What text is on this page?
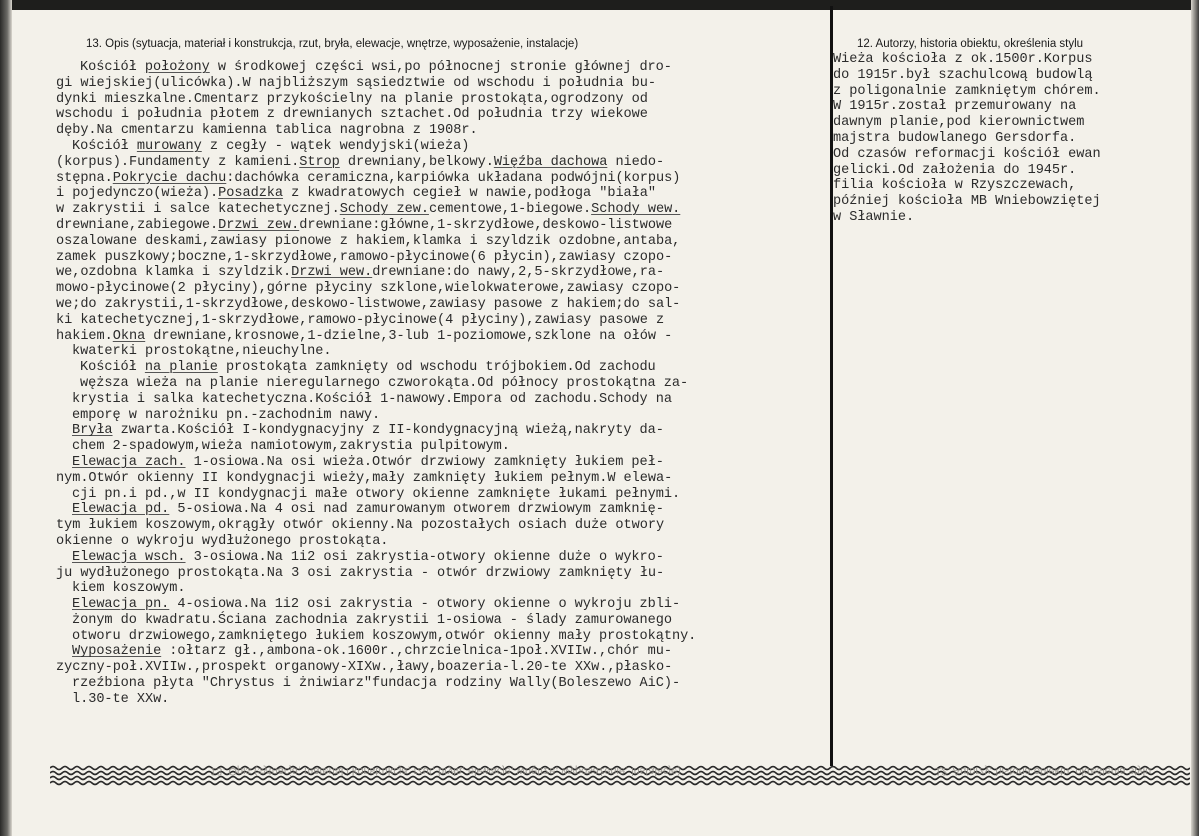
13. Opis (sytuacja, materiał i konstrukcja, rzut, bryła, elewacje, wnętrze, wyposażenie, instalacje)	12. Autorzy, historia obiektu, określenia stylu
Kościół położony w środkowej części wsi,po północnej stronie głównej dro-
gi wiejskiej(ulicówka).W najbliższym sąsiedztwie od wschodu i południa bu-
dynki mieszkalne.Cmentarz przykościelny na planie prostokąta,ogrodzony od
wschodu i południa płotem z drewnianych sztachet.Od południa trzy wiekowe
dęby.Na cmentarzu kamienna tablica nagrobna z 1908r.
Kościół murowany z cegły - wątek wendyjski(wieża)
(korpus).Fundamenty z kamieni.Strop drewniany,belkowy.Więźba dachowa niedo-
stępna.Pokrycie dachu:dachówka ceramiczna,karpiówka układana podwójni(korpus)
i pojedynczo(wieża).Posadzka z kwadratowych cegieł w nawie,podłoga "biała"
w zakrystii i salce katechetycznej.Schody zew.cementowe,1-biegowe.Schody wew.
drewniane,zabiegowe.Drzwi zew.drewniane:główne,1-skrzydłowe,deskowo-listwowe
oszalowane deskami,zawiasy pionowe z hakiem,klamka i szyldzik ozdobne,antaba,
zamek puszkowy;boczne,1-skrzydłowe,ramowo-płycinowe(6 płycin),zawiasy czopo-
we,ozdobna klamka i szyldzik.Drzwi wew.drewniane:do nawy,2,5-skrzydłowe,ra-
mowo-płycinowe(2 płyciny),górne płyciny szklone,wielokwaterowe,zawiasy czopo-
we;do zakrystii,1-skrzydłowe,deskowo-listwowe,zawiasy pasowe z hakiem;do sal-
ki katechetycznej,1-skrzydłowe,ramowo-płycinowe(4 płyciny),zawiasy pasowe z
hakiem.Okna drewniane,krosnowe,1-dzielne,3-lub 1-poziomowe,szklone na ołów -
kwaterki prostokątne,nieuchylne.
Kościół na planie prostokąta zamknięty od wschodu trójbokiem.Od zachodu
węższa wieża na planie nieregularnego czworokąta.Od północy prostokątna za-
krystia i salka katechetyczna.Kościół 1-nawowy.Empora od zachodu.Schody na
emporę w narożniku pn.-zachodnim nawy.
Bryła zwarta.Kościół I-kondygnacyjny z II-kondygnacyjną wieżą,nakryty da-
chem 2-spadowym,wieża namiotowym,zakrystia pulpitowym.
Elewacja zach. 1-osiowa.Na osi wieża.Otwór drzwiowy zamknięty łukiem peł-
nym.Otwór okienny II kondygnacji wieży,mały zamknięty łukiem pełnym.W elewa-
cji pn.i pd.,w II kondygnacji małe otwory okienne zamknięte łukami pełnymi.
Elewacja pd. 5-osiowa.Na 4 osi nad zamurowanym otworem drzwiowym zamknię-
tym łukiem koszowym,okrągły otwór okienny.Na pozostałych osiach duże otwory
okienne o wykroju wydłużonego prostokąta.
Elewacja wsch. 3-osiowa.Na 1i2 osi zakrystia-otwory okienne duże o wykro-
ju wydłużonego prostokąta.Na 3 osi zakrystia - otwór drzwiowy zamknięty łu-
kiem koszowym.
Elewacja pn. 4-osiowa.Na 1i2 osi zakrystia - otwory okienne o wykroju zbli-
żonym do kwadratu.Ściana zachodnia zakrystii 1-osiowa - ślady zamurowanego
otworu drzwiowego,zamkniętego łukiem koszowym,otwór okienny mały prostokątny.
Wyposażenie :ołtarz gł.,ambona-ok.1600r.,chrzcielnica-1poł.XVIIw.,chór mu-
zyczny-poł.XVIIw.,prospekt organowy-XIXw.,ławy,boazeria-l.20-te XXw.,płasko-
rzeźbiona płyta "Chrystus i żniwiarz"fundacja rodziny Wally(Boleszewo AiC)-
l.30-te XXw.
Wieża kościoła z ok.1500r.Korpus
do 1915r.był szachulcową budowlą
z poligonalnie zamkniętym chórem.
W 1915r.został przemurowany na
dawnym planie,pod kierownictwem
majstra budowlanego Gersdorfa.
Od czasów reformacji kościół ewan
gelicki.Od założenia do 1945r.
filia kościoła w Rzyszczewach,
później kościoła MB Wniebowziętej
w Sławnie.
13. Opis (sytuacja, materiał i konstrukcja, rzut, bryła, elewacje, wnętrze, wyposażenie, instalacje)	12. Autorzy, historia obiektu, określenia stylu
